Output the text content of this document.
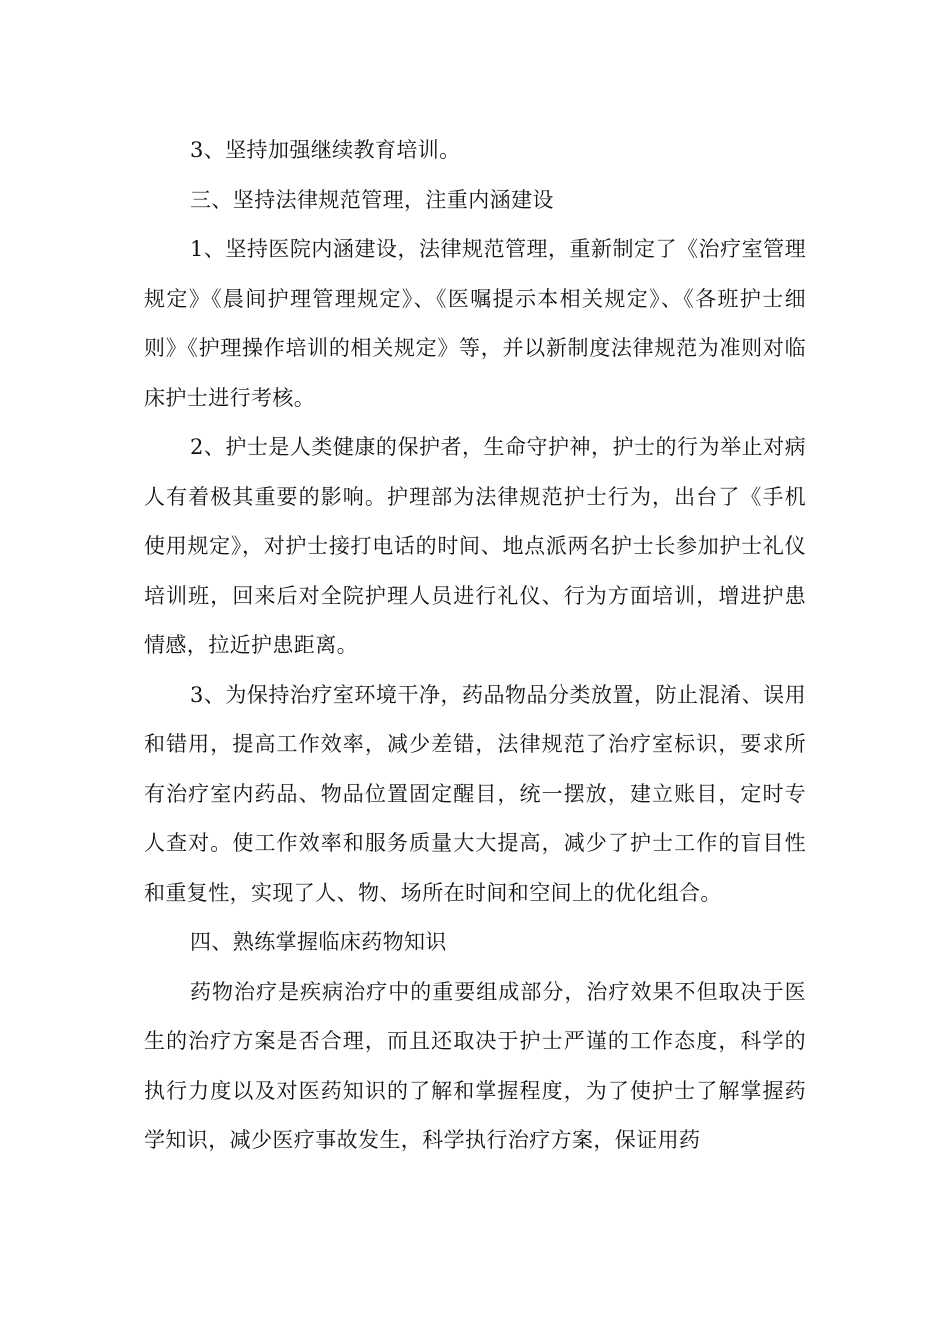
3、坚持加强继续教育培训。

三、坚持法律规范管理，注重内涵建设

1、坚持医院内涵建设，法律规范管理，重新制定了《治疗室管理规定》《晨间护理管理规定》、《医嘱提示本相关规定》、《各班护士细则》《护理操作培训的相关规定》等，并以新制度法律规范为准则对临床护士进行考核。

2、护士是人类健康的保护者，生命守护神，护士的行为举止对病人有着极其重要的影响。护理部为法律规范护士行为，出台了《手机使用规定》，对护士接打电话的时间、地点派两名护士长参加护士礼仪培训班，回来后对全院护理人员进行礼仪、行为方面培训，增进护患情感，拉近护患距离。

3、为保持治疗室环境干净，药品物品分类放置，防止混淆、误用和错用，提高工作效率，减少差错，法律规范了治疗室标识，要求所有治疗室内药品、物品位置固定醒目，统一摆放，建立账目，定时专人查对。使工作效率和服务质量大大提高，减少了护士工作的盲目性和重复性，实现了人、物、场所在时间和空间上的优化组合。

四、熟练掌握临床药物知识

药物治疗是疾病治疗中的重要组成部分，治疗效果不但取决于医生的治疗方案是否合理，而且还取决于护士严谨的工作态度，科学的执行力度以及对医药知识的了解和掌握程度，为了使护士了解掌握药学知识，减少医疗事故发生，科学执行治疗方案，保证用药
